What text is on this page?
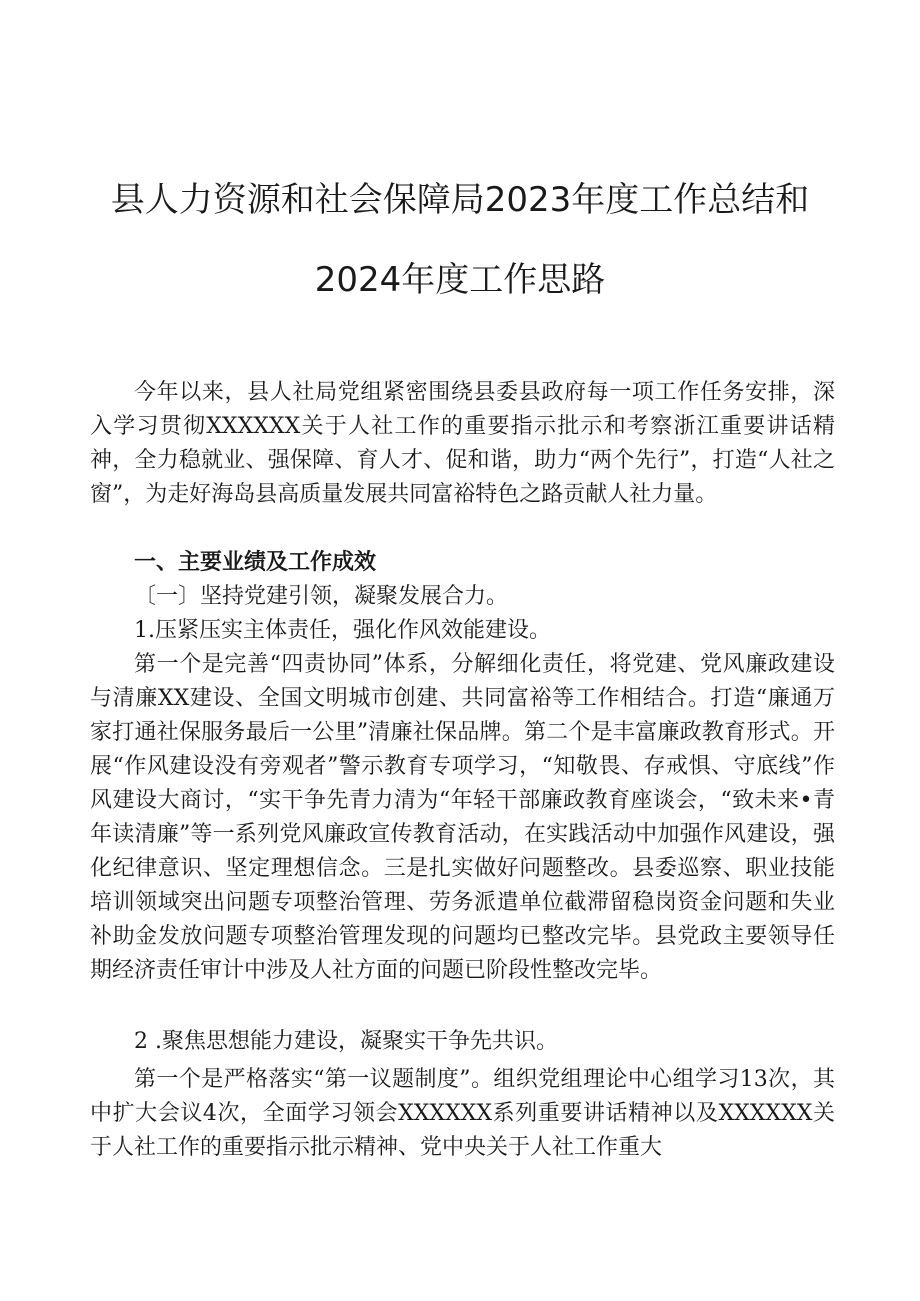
县人力资源和社会保障局2023年度工作总结和
2024年度工作思路

今年以来，县人社局党组紧密围绕县委县政府每一项工作任务安排，深入学习贯彻XXXXXX关于人社工作的重要指示批示和考察浙江重要讲话精神，全力稳就业、强保障、育人才、促和谐，助力“两个先行”，打造“人社之窗”，为走好海岛县高质量发展共同富裕特色之路贡献人社力量。

一、主要业绩及工作成效

〔一〕坚持党建引领，凝聚发展合力。

1.压紧压实主体责任，强化作风效能建设。

第一个是完善“四责协同”体系，分解细化责任，将党建、党风廉政建设与清廉XX建设、全国文明城市创建、共同富裕等工作相结合。打造“廉通万家打通社保服务最后一公里”清廉社保品牌。第二个是丰富廉政教育形式。开展“作风建设没有旁观者”警示教育专项学习，“知敬畏、存戒惧、守底线”作风建设大商讨，“实干争先青力清为“年轻干部廉政教育座谈会，“致未来•青年读清廉”等一系列党风廉政宣传教育活动，在实践活动中加强作风建设，强化纪律意识、坚定理想信念。三是扎实做好问题整改。县委巡察、职业技能培训领域突出问题专项整治管理、劳务派遣单位截滞留稳岗资金问题和失业补助金发放问题专项整治管理发现的问题均已整改完毕。县党政主要领导任期经济责任审计中涉及人社方面的问题已阶段性整改完毕。

2 .聚焦思想能力建设，凝聚实干争先共识。

第一个是严格落实“第一议题制度”。组织党组理论中心组学习13次，其中扩大会议4次，全面学习领会XXXXXX系列重要讲话精神以及XXXXXX关于人社工作的重要指示批示精神、党中央关于人社工作重大
